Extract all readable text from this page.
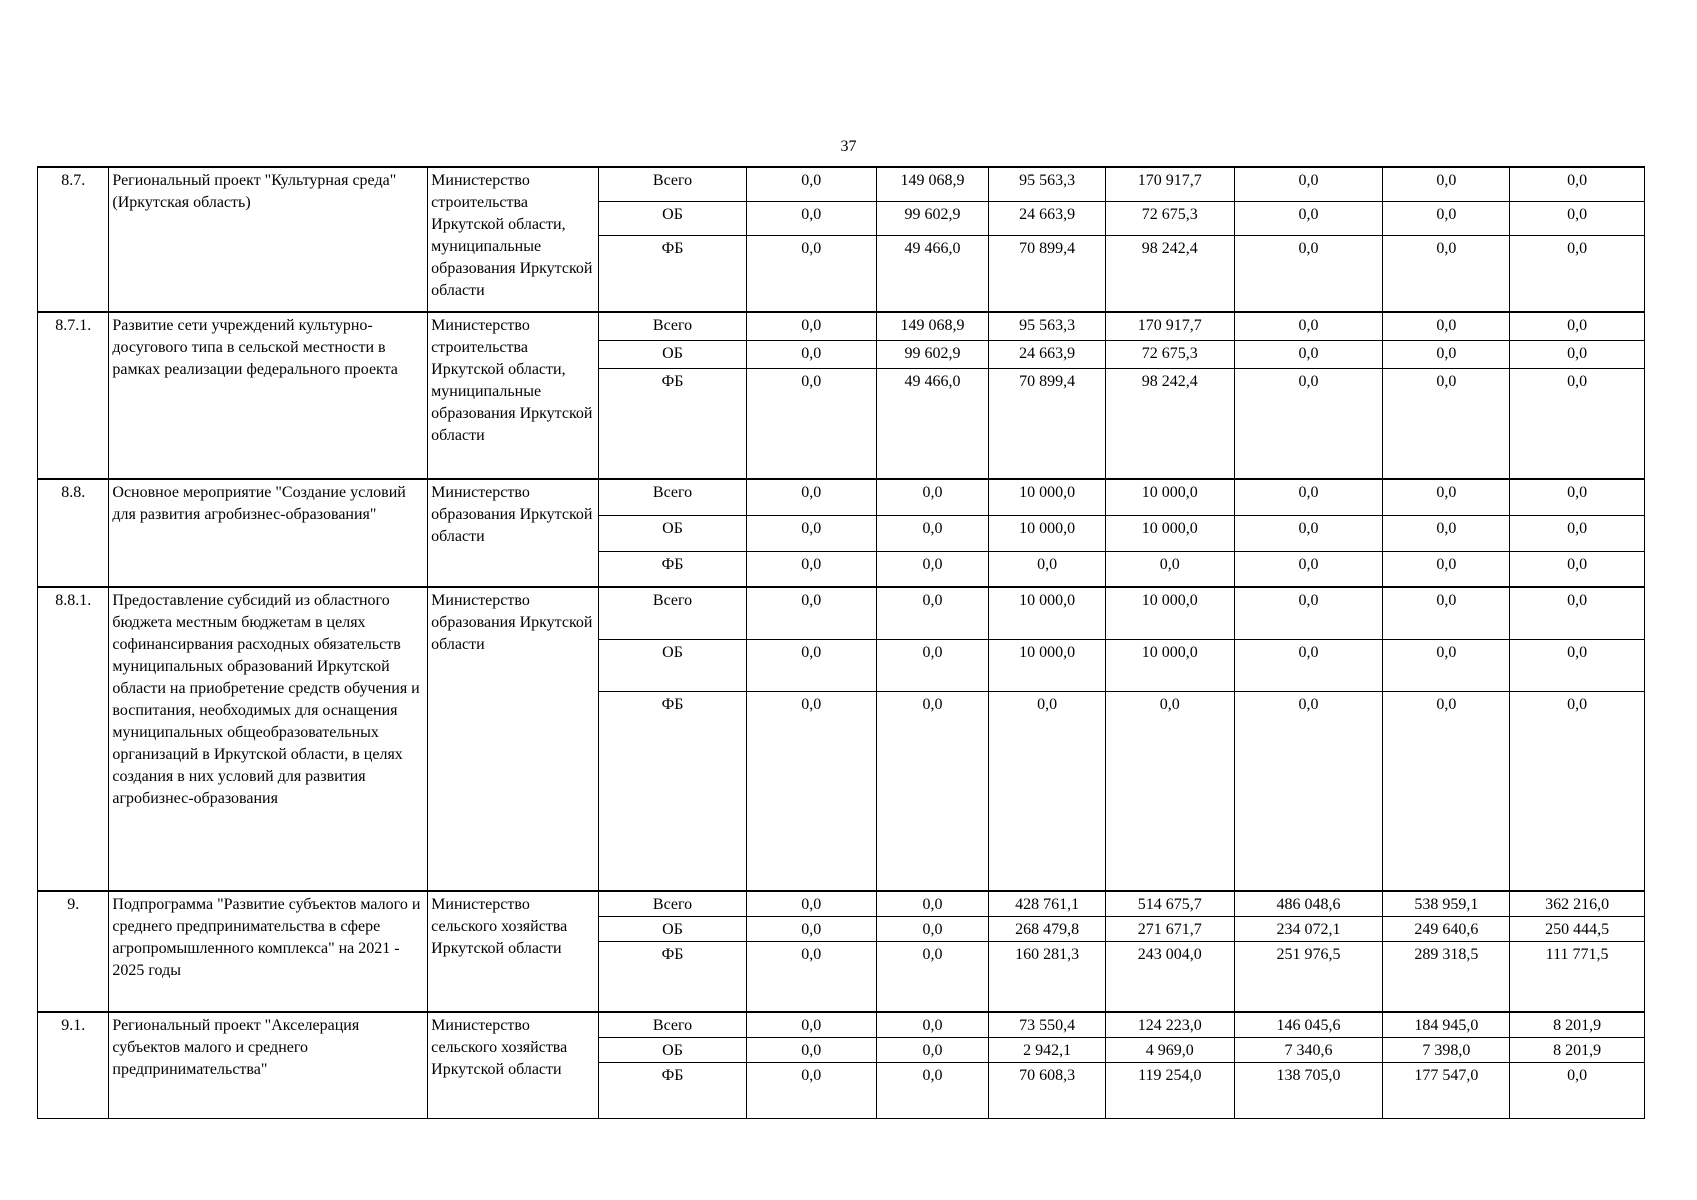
37
8.7.	Региональный проект "Культурная среда" (Иркутская область)	Министерство строительства Иркутской области, муниципальные образования Иркутской области	Всего	0,0	149 068,9	95 563,3	170 917,7	0,0	0,0	0,0
			ОБ	0,0	99 602,9	24 663,9	72 675,3	0,0	0,0	0,0
			ФБ	0,0	49 466,0	70 899,4	98 242,4	0,0	0,0	0,0
8.7.1.	Развитие сети учреждений культурно-досугового типа в сельской местности в рамках реализации федерального проекта	Министерство строительства Иркутской области, муниципальные образования Иркутской области	Всего	0,0	149 068,9	95 563,3	170 917,7	0,0	0,0	0,0
			ОБ	0,0	99 602,9	24 663,9	72 675,3	0,0	0,0	0,0
			ФБ	0,0	49 466,0	70 899,4	98 242,4	0,0	0,0	0,0
8.8.	Основное мероприятие "Создание условий для развития агробизнес-образования"	Министерство образования Иркутской области	Всего	0,0	0,0	10 000,0	10 000,0	0,0	0,0	0,0
			ОБ	0,0	0,0	10 000,0	10 000,0	0,0	0,0	0,0
			ФБ	0,0	0,0	0,0	0,0	0,0	0,0	0,0
8.8.1.	Предоставление субсидий из областного бюджета местным бюджетам в целях софинансирвания расходных обязательств муниципальных образований Иркутской области на приобретение средств обучения и воспитания, необходимых для оснащения муниципальных общеобразовательных организаций в Иркутской области, в целях создания в них условий для развития агробизнес-образования	Министерство образования Иркутской области	Всего	0,0	0,0	10 000,0	10 000,0	0,0	0,0	0,0
			ОБ	0,0	0,0	10 000,0	10 000,0	0,0	0,0	0,0
			ФБ	0,0	0,0	0,0	0,0	0,0	0,0	0,0
9.	Подпрограмма "Развитие субъектов малого и среднего предпринимательства в сфере агропромышленного комплекса" на 2021 - 2025 годы	Министерство сельского хозяйства Иркутской области	Всего	0,0	0,0	428 761,1	514 675,7	486 048,6	538 959,1	362 216,0
			ОБ	0,0	0,0	268 479,8	271 671,7	234 072,1	249 640,6	250 444,5
			ФБ	0,0	0,0	160 281,3	243 004,0	251 976,5	289 318,5	111 771,5
9.1.	Региональный проект "Акселерация субъектов малого и среднего предпринимательства"	Министерство сельского хозяйства Иркутской области	Всего	0,0	0,0	73 550,4	124 223,0	146 045,6	184 945,0	8 201,9
			ОБ	0,0	0,0	2 942,1	4 969,0	7 340,6	7 398,0	8 201,9
			ФБ	0,0	0,0	70 608,3	119 254,0	138 705,0	177 547,0	0,0
